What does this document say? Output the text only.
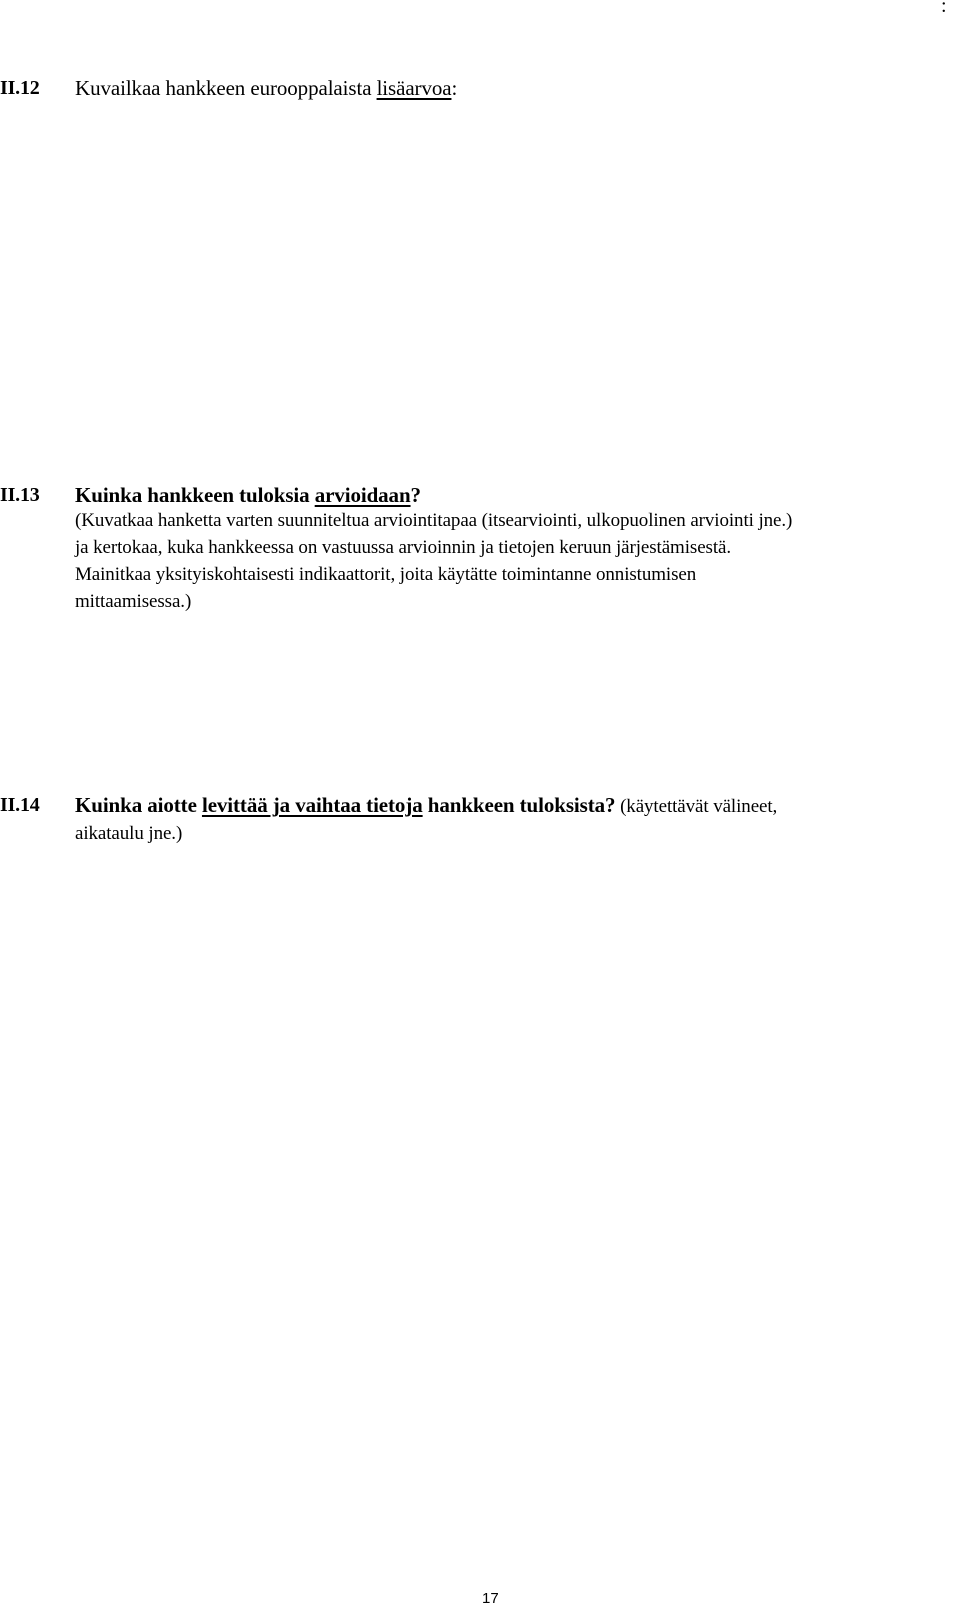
:
II.12 Kuvailkaa hankkeen eurooppalaista lisäarvoa:
II.13 Kuinka hankkeen tuloksia arvioidaan?
(Kuvatkaa hanketta varten suunniteltua arviointitapaa (itsearviointi, ulkopuolinen arviointi jne.)
ja kertokaa, kuka hankkeessa on vastuussa arvioinnin ja tietojen keruun järjestämisestä.
Mainitkaa yksityiskohtaisesti indikaattorit, joita käytätte toimintanne onnistumisen
mittaamisessa.)
II.14 Kuinka aiotte levittää ja vaihtaa tietoja hankkeen tuloksista? (käytettävät välineet,
aikataulu jne.)
17
